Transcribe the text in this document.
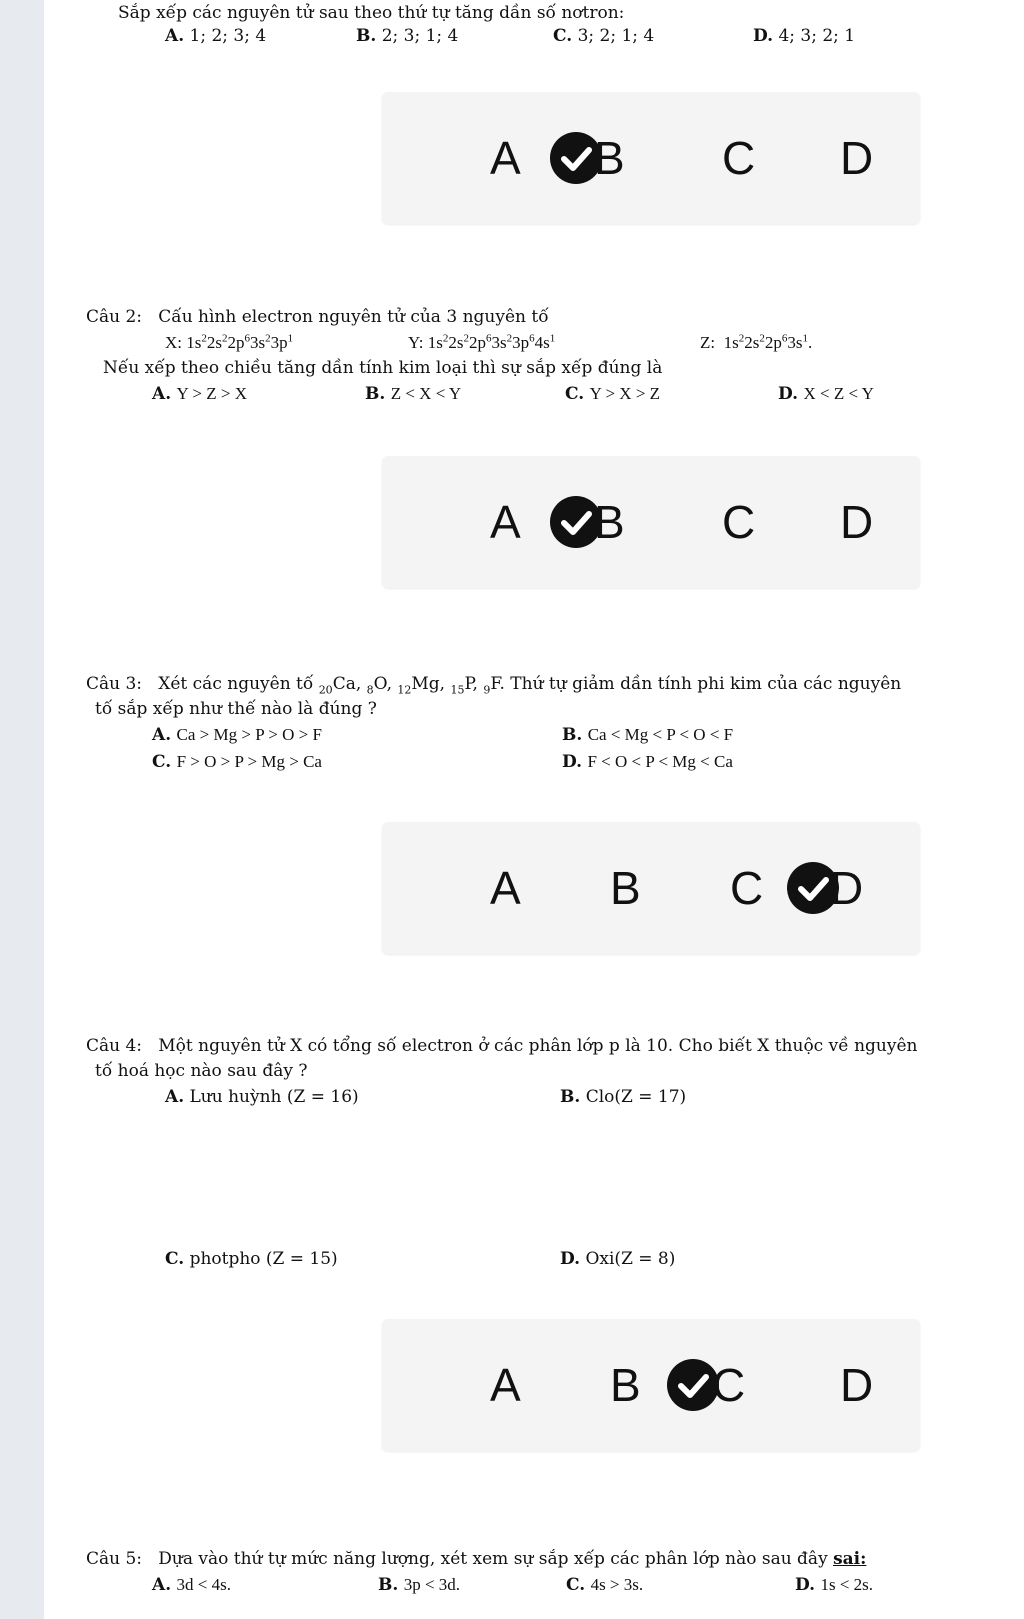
Sắp xếp các nguyên tử sau theo thứ tự tăng dần số nơtron:
A. 1; 2; 3; 4	B. 2; 3; 1; 4	C. 3; 2; 1; 4	D. 4; 3; 2; 1
A B C D
Câu 2: Cấu hình electron nguyên tử của 3 nguyên tố
X: $1s^22s^22p^63s^23p^1$	Y: $1s^22s^22p^63s^23p^64s^1$	Z:  $1s^22s^22p^63s^1$.
Nếu xếp theo chiều tăng dần tính kim loại thì sự sắp xếp đúng là
A. Y > Z > X	B. Z < X < Y	C. Y > X > Z	D. X < Z < Y
A B C D
Câu 3: Xét các nguyên tố $_{20}$Ca, $_8$O, $_{12}$Mg, $_{15}$P, $_9$F. Thứ tự giảm dần tính phi kim của các nguyên
tố sắp xếp như thế nào là đúng ?
A. Ca > Mg > P > O > F	B. Ca < Mg < P < O < F
C. F > O > P > Mg > Ca	D. F < O < P < Mg < Ca
A B C D
Câu 4: Một nguyên tử X có tổng số electron ở các phân lớp p là 10. Cho biết X thuộc về nguyên
tố hoá học nào sau đây ?
A. Lưu huỳnh (Z = 16)	B. Clo(Z = 17)
C. photpho (Z = 15)	D. Oxi(Z = 8)
A B C D
Câu 5: Dựa vào thứ tự mức năng lượng, xét xem sự sắp xếp các phân lớp nào sau đây sai:
A. 3d < 4s.	B. 3p < 3d.	C. 4s > 3s.	D. 1s < 2s.
